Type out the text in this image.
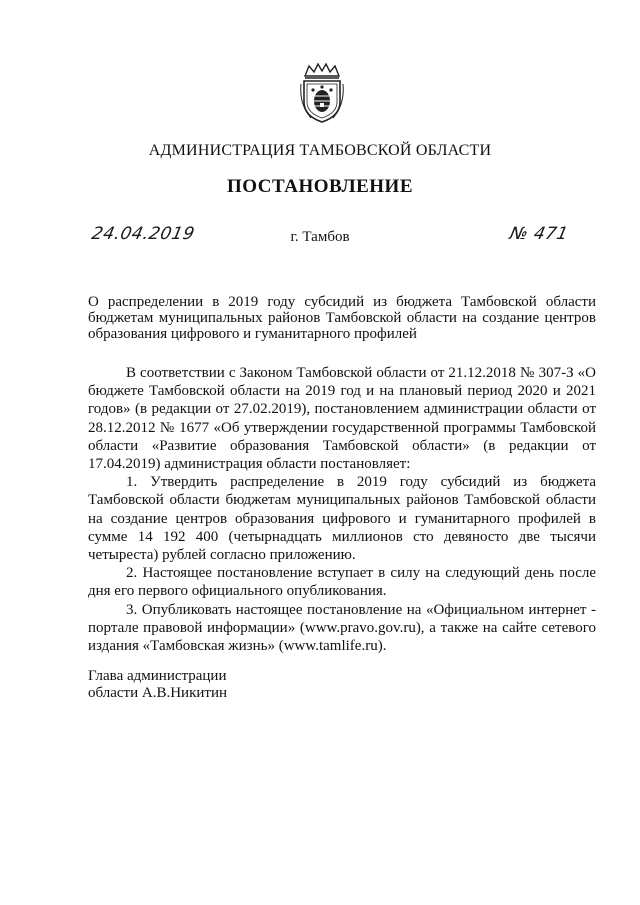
АДМИНИСТРАЦИЯ ТАМБОВСКОЙ ОБЛАСТИ
ПОСТАНОВЛЕНИЕ
24.04.2019	г. Тамбов	№ 471
О распределении в 2019 году субсидий из бюджета Тамбовской области бюджетам муниципальных районов Тамбовской области на создание центров образования цифрового и гуманитарного профилей

В соответствии с Законом Тамбовской области от 21.12.2018 № 307-З «О бюджете Тамбовской области на 2019 год и на плановый период 2020 и 2021 годов» (в редакции от 27.02.2019), постановлением администрации области от 28.12.2012 № 1677 «Об утверждении государственной программы Тамбовской области «Развитие образования Тамбовской области» (в редакции от 17.04.2019) администрация области постановляет:

1. Утвердить распределение в 2019 году субсидий из бюджета Тамбовской области бюджетам муниципальных районов Тамбовской области на создание центров образования цифрового и гуманитарного профилей в сумме 14 192 400 (четырнадцать миллионов сто девяносто две тысячи четыреста) рублей согласно приложению.

2. Настоящее постановление вступает в силу на следующий день после дня его первого официального опубликования.

3. Опубликовать настоящее постановление на «Официальном интернет - портале правовой информации» (www.pravo.gov.ru), а также на сайте сетевого издания «Тамбовская жизнь» (www.tamlife.ru).

Глава администрации
области А.В.Никитин
